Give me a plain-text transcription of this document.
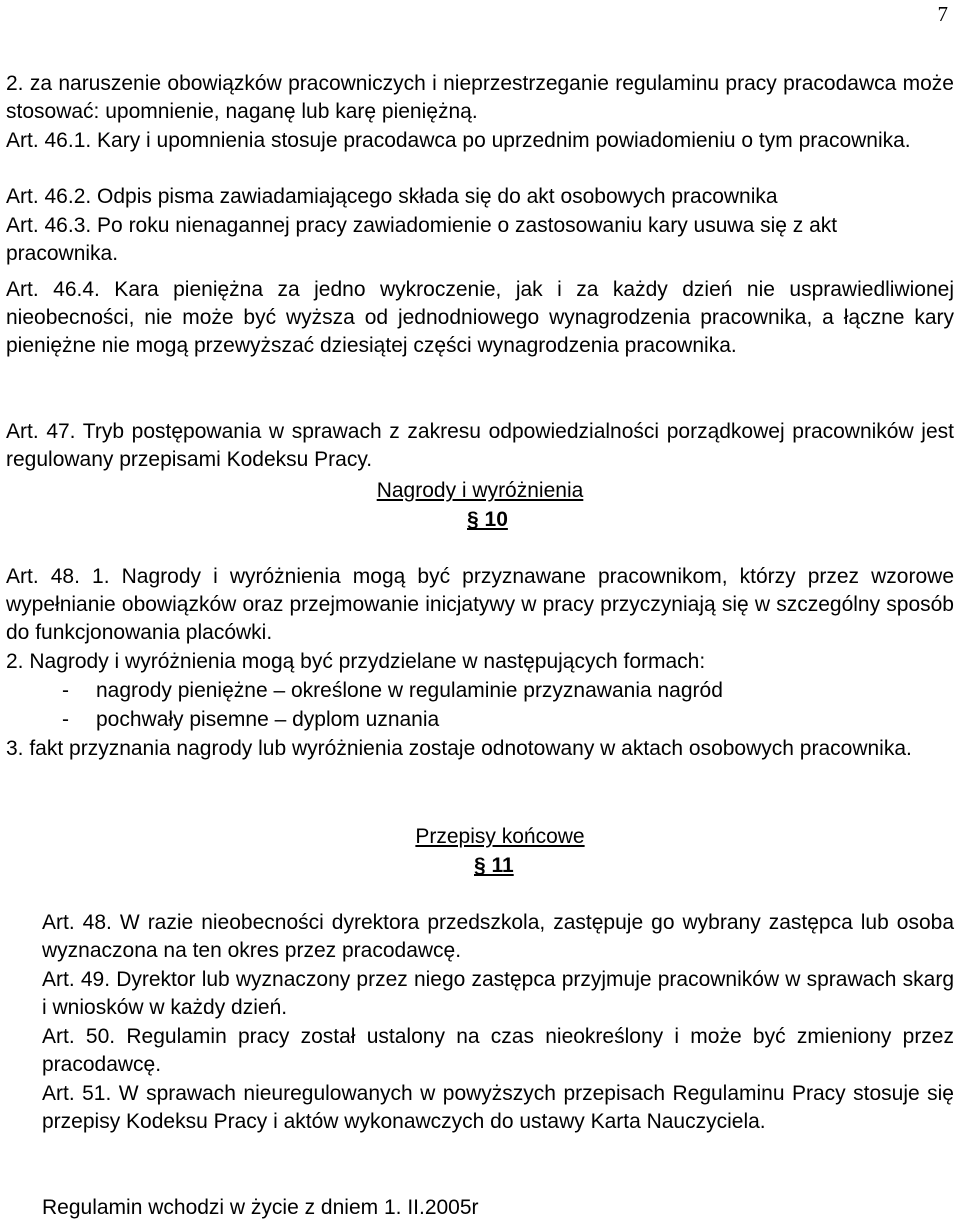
7

2. za naruszenie obowiązków pracowniczych i nieprzestrzeganie regulaminu pracy pracodawca może stosować: upomnienie, naganę lub karę pieniężną.

Art. 46.1. Kary i upomnienia stosuje pracodawca po uprzednim powiadomieniu o tym pracownika.

Art. 46.2. Odpis pisma zawiadamiającego składa się do akt osobowych pracownika

Art. 46.3. Po roku nienagannej pracy zawiadomienie o zastosowaniu kary usuwa się z akt pracownika.

Art. 46.4. Kara pieniężna za jedno wykroczenie, jak i za każdy dzień nie usprawiedliwionej nieobecności, nie może być wyższa od jednodniowego wynagrodzenia pracownika, a łączne kary pieniężne nie mogą przewyższać dziesiątej części wynagrodzenia pracownika.

Art. 47. Tryb postępowania w sprawach z zakresu odpowiedzialności porządkowej pracowników jest regulowany przepisami Kodeksu Pracy.

Nagrody i wyróżnienia
§ 10

Art. 48. 1. Nagrody i wyróżnienia mogą być przyznawane pracownikom, którzy przez wzorowe wypełnianie obowiązków oraz przejmowanie inicjatywy w pracy przyczyniają się w szczególny sposób do funkcjonowania placówki.

2. Nagrody i wyróżnienia mogą być przydzielane w następujących formach:

- nagrody pieniężne – określone w regulaminie przyznawania nagród
- pochwały pisemne – dyplom uznania

3. fakt przyznania nagrody lub wyróżnienia zostaje odnotowany w aktach osobowych pracownika.

Przepisy końcowe
§ 11

Art. 48. W razie nieobecności dyrektora przedszkola, zastępuje go wybrany zastępca lub osoba wyznaczona na ten okres przez pracodawcę.

Art. 49. Dyrektor lub wyznaczony przez niego zastępca przyjmuje pracowników w sprawach skarg i wniosków w każdy dzień.

Art. 50. Regulamin pracy został ustalony na czas nieokreślony i może być zmieniony przez pracodawcę.

Art. 51. W sprawach nieuregulowanych w powyższych przepisach Regulaminu Pracy stosuje się przepisy Kodeksu Pracy i aktów wykonawczych do ustawy Karta Nauczyciela.

Regulamin wchodzi w życie z dniem 1. II.2005r
